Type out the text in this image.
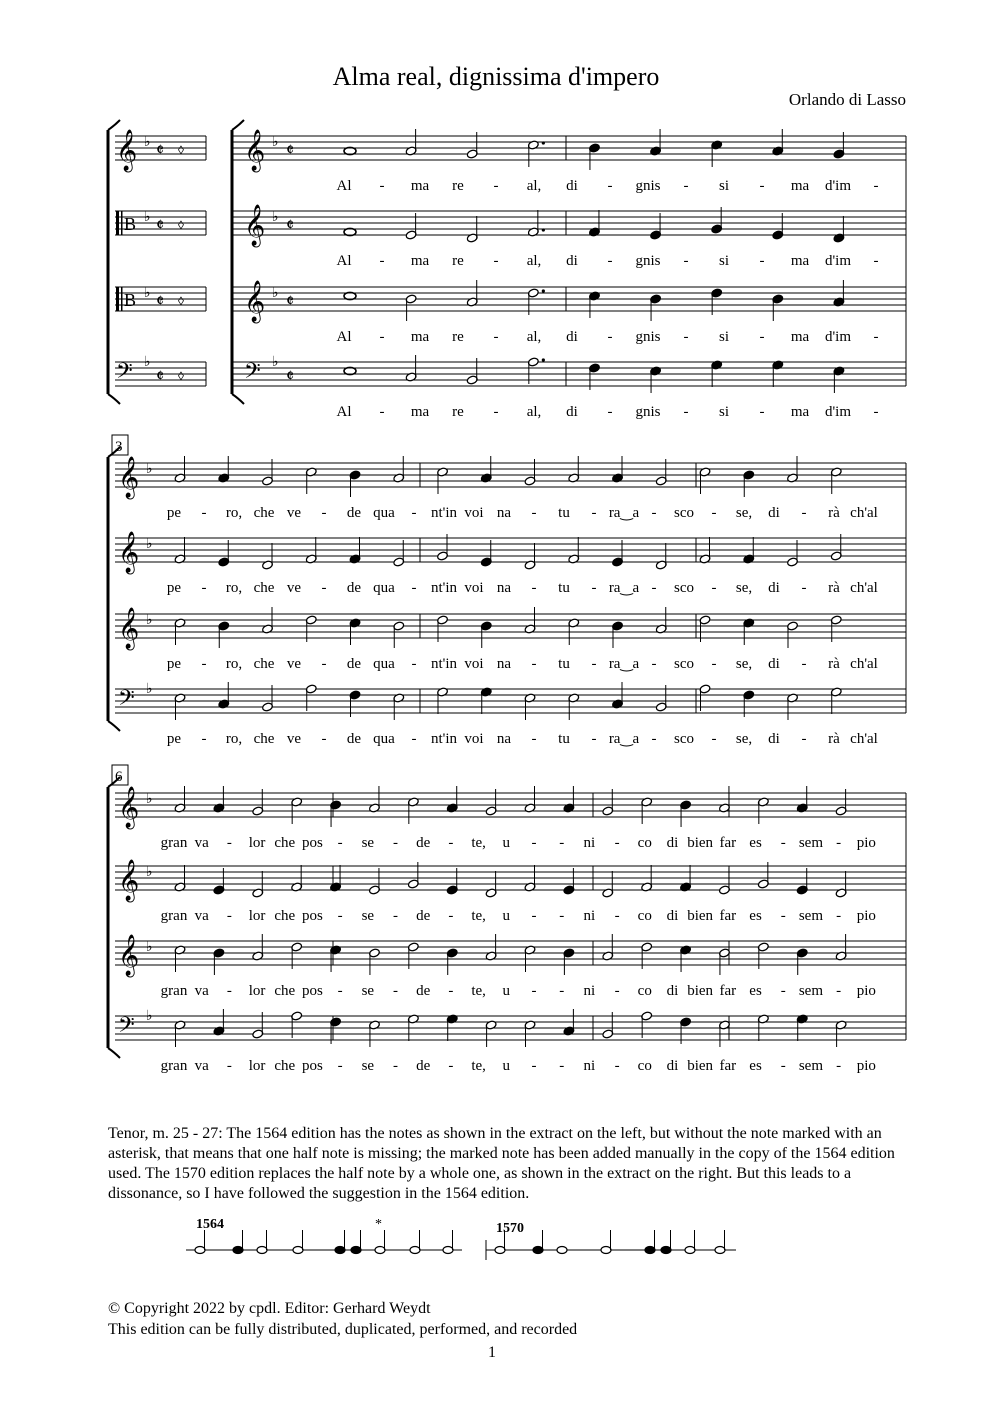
Alma real, dignissima d'impero
Orlando di Lasso
𝄞 ♭ 𝄵 ◊
B ♭ 𝄵 ◊
B ♭ 𝄵 ◊
𝄢 ♭
𝄵 ◊
𝄞 ♭ 𝄵
Al - ma re - al, di - gnis - si - ma d'im -
𝄞 ♭ 𝄵
Al - ma re - al, di - gnis - si - ma d'im -
𝄞 ♭ 𝄵
Al - ma re - al, di - gnis - si - ma d'im -
𝄢 ♭
𝄵
Al - ma re - al, di - gnis - si - ma d'im -
3
𝄞 ♭
pe - ro, che ve - de qua - nt'in voi na - tu - ra‿a - sco - se, di - rà ch'al
𝄞 ♭
pe - ro, che ve - de qua - nt'in voi na - tu - ra‿a - sco - se, di - rà ch'al
𝄞 ♭
pe - ro, che ve - de qua - nt'in voi na - tu - ra‿a - sco - se, di - rà ch'al
𝄢 ♭
pe - ro, che ve - de qua - nt'in voi na - tu - ra‿a - sco - se, di - rà ch'al
6
𝄞 ♭
gran va - lor che pos - se - de - te, u - - ni - co di bien far es - sem - pio
𝄞 ♭
gran va - lor che pos - se - de - te, u - - ni - co di bien far es - sem - pio
𝄞 ♭
gran va - lor che pos - se - de - te, u - - ni - co di bien far es - sem - pio
𝄢 ♭
gran va - lor che pos - se - de - te, u - - ni - co di bien far es - sem - pio
Tenor, m. 25 - 27: The 1564 edition has the notes as shown in the extract on the left, but without the note marked with an asterisk, that means that one half note is missing; the marked note has been added manually in the copy of the 1564 edition used. The 1570 edition replaces the half note by a whole one, as shown in the extract on the right. But this leads to a dissonance, so I have followed the suggestion in the 1564 edition.
1564	*	1570
© Copyright 2022 by cpdl. Editor: Gerhard Weydt
This edition can be fully distributed, duplicated, performed, and recorded
1
